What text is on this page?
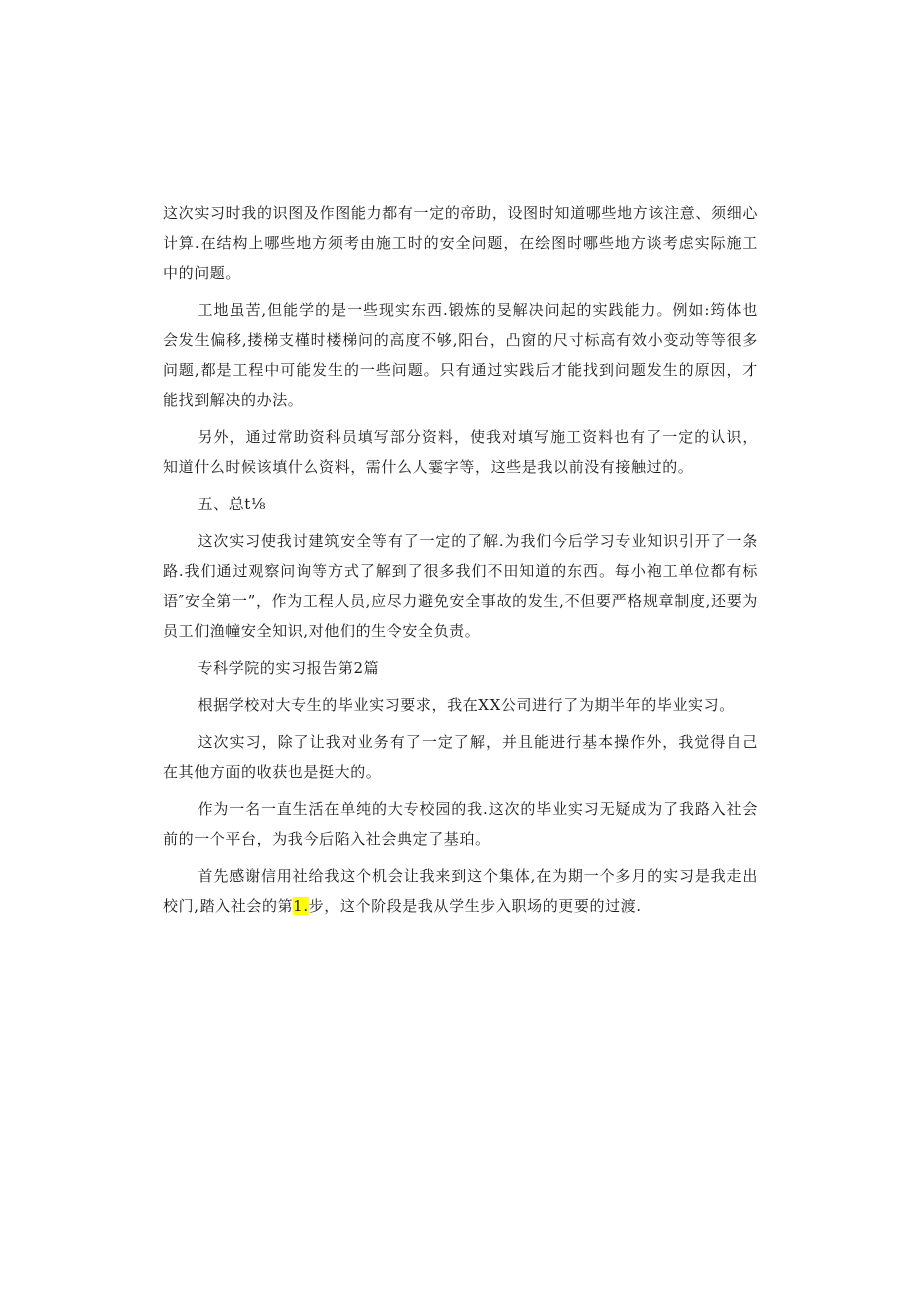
这次实习时我的识图及作图能力都有一定的帝助，设图时知道哪些地方该注意、须细心计算.在结构上哪些地方须考由施工时的安全问题，在绘图时哪些地方谈考虑实际施工中的问题。

工地虽苦,但能学的是一些现实东西.锻炼的旻解决问起的实践能力。例如:筠体也会发生偏移,搂梯支槿时楼梯问的高度不够,阳台，凸窗的尺寸标高有效小变动等等很多问题,都是工程中可能发生的一些问题。只有通过实践后才能找到问题发生的原因，才能找到解决的办法。

另外，通过常助资科员填写部分资料，使我对填写施工资料也有了一定的认识，知道什么时候该填什么资料，需什么人霎字等，这些是我以前没有接触过的。

五、总t⅛

这次实习使我讨建筑安全等有了一定的了解.为我们今后学习专业知识引开了一条路.我们通过观察问询等方式了解到了很多我们不田知道的东西。每小袍工单位都有标语″安全第一”，作为工程人员,应尽力避免安全事故的发生,不但要严格规章制度,还要为员工们渔幢安全知识,对他们的生令安全负责。

专科学院的实习报告第2篇

根据学校对大专生的毕业实习要求，我在XX公司进行了为期半年的毕业实习。

这次实习，除了让我对业务有了一定了解，并且能进行基本操作外，我觉得自己在其他方面的收获也是挺大的。

作为一名一直生活在单纯的大专校园的我.这次的毕业实习无疑成为了我路入社会前的一个平台，为我今后陷入社会典定了基珀。

首先感谢信用社给我这个机会让我来到这个集体,在为期一个多月的实习是我走出校门,踏入社会的第1.步，这个阶段是我从学生步入职场的更要的过渡.
